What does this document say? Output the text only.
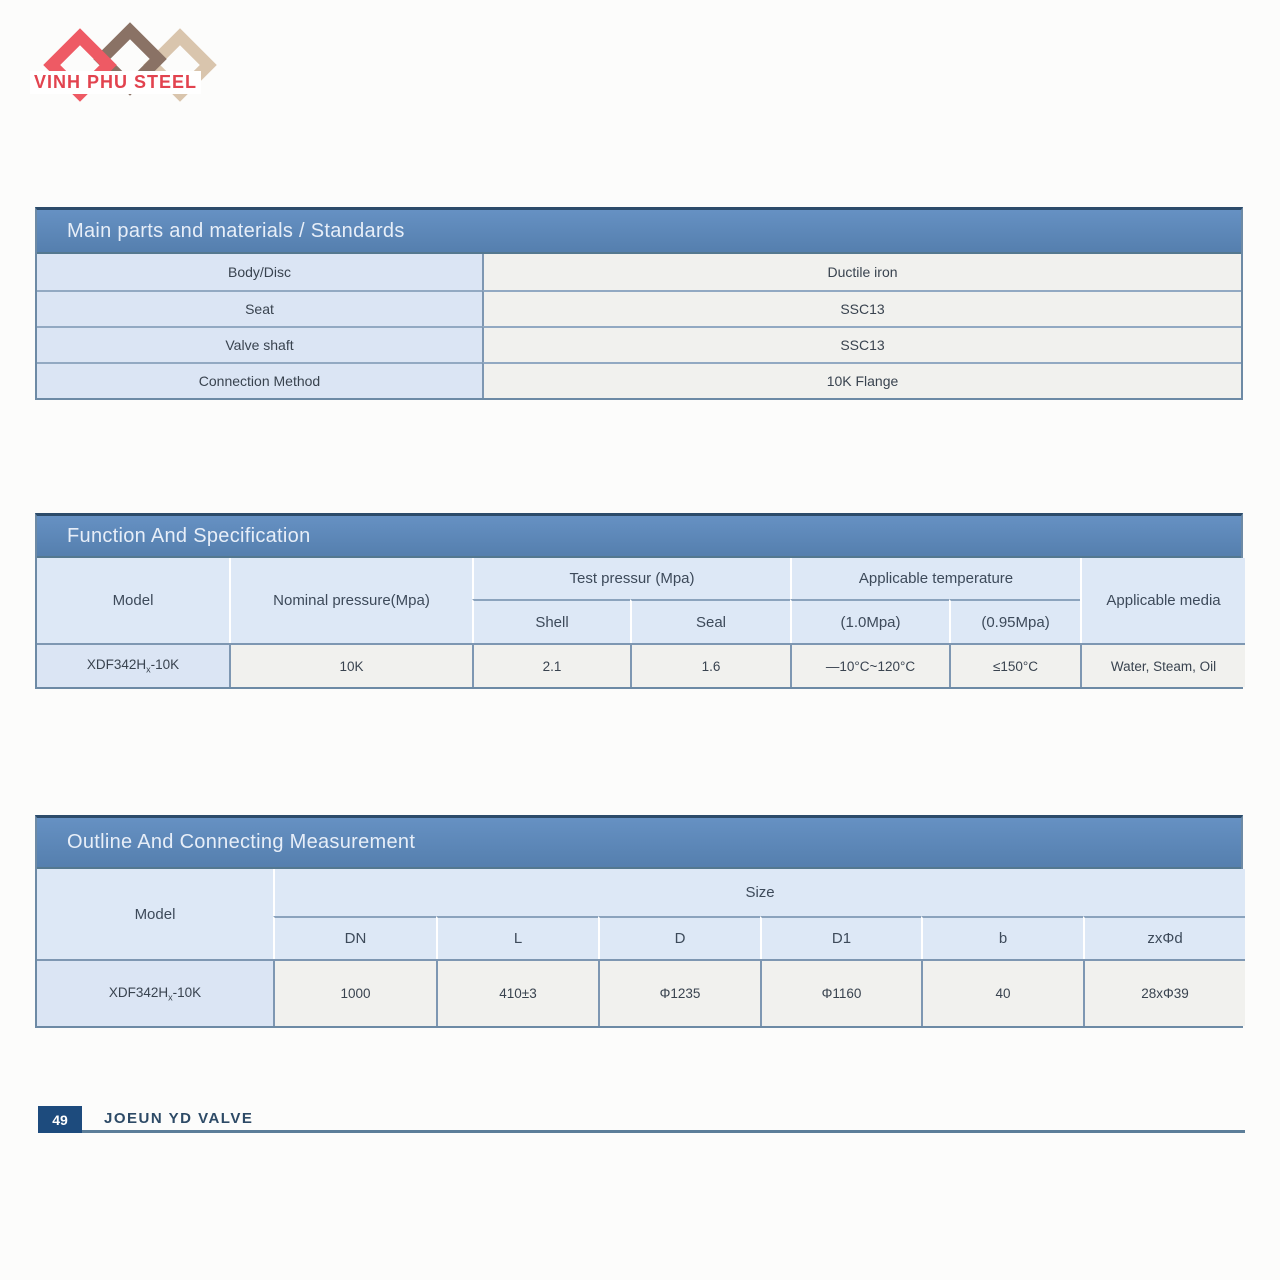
VINH PHU STEEL
Main parts and materials / Standards
Body/Disc	Ductile iron
Seat	SSC13
Valve shaft	SSC13
Connection Method	10K Flange
Function And Specification
Model	Nominal pressure(Mpa)	Test pressur (Mpa)		Applicable temperature		Applicable media
		Shell	Seal	(1.0Mpa)	(0.95Mpa)	
$XDF342H_x-10K$	10K	2.1	1.6	—10°C~120°C	≤150°C	Water, Steam, Oil
Outline And Connecting Measurement
Model	Size					
	DN	L	D	D1	b	zxΦd
$XDF342H_x-10K$	1000	410±3	Φ1235	Φ1160	40	28xΦ39
49	JOEUN YD VALVE
